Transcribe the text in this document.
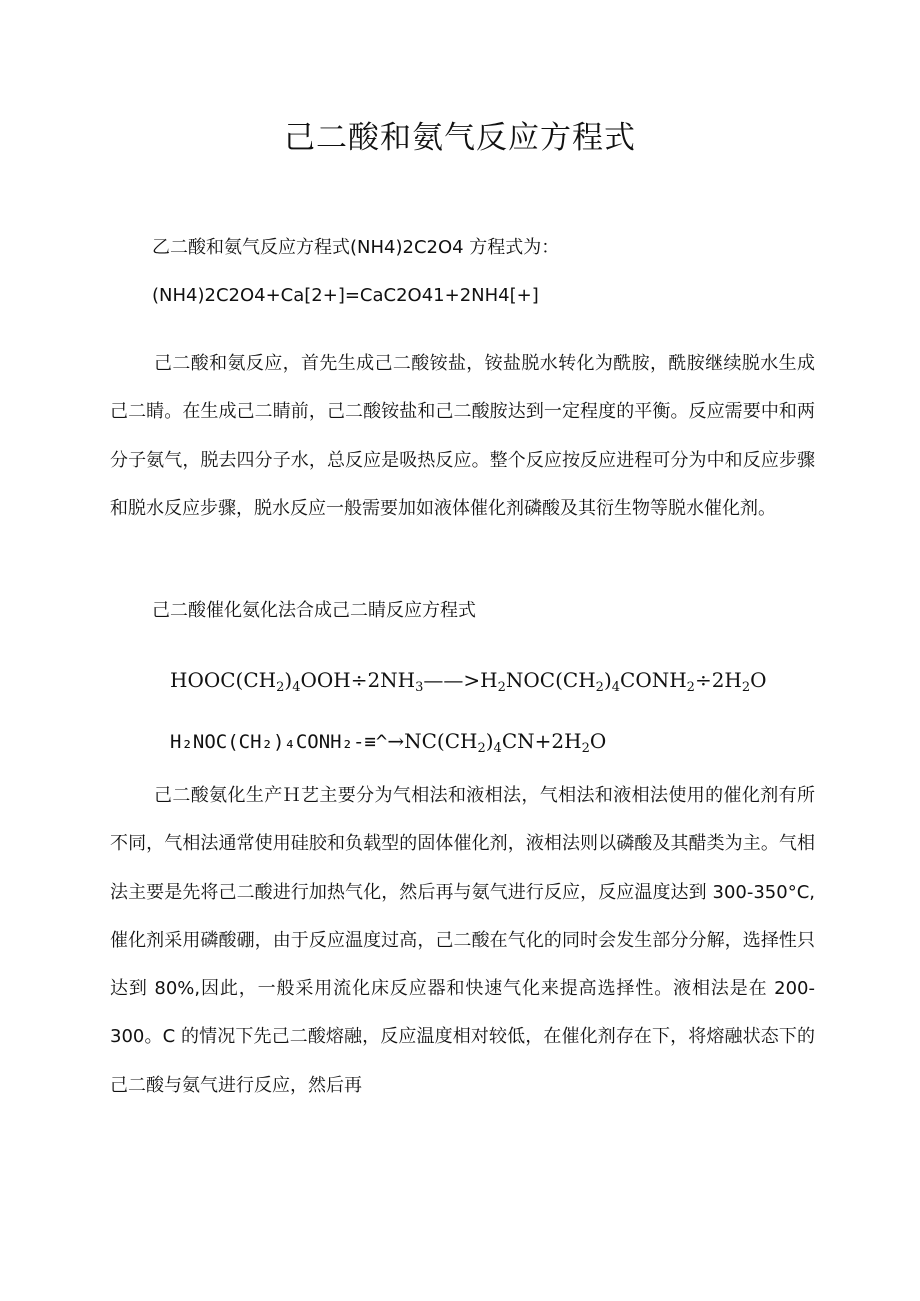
己二酸和氨气反应方程式
乙二酸和氨气反应方程式(NH4)2C2O4 方程式为：
(NH4)2C2O4+Ca[2+]=CaC2O41+2NH4[+]

己二酸和氨反应，首先生成己二酸铵盐，铵盐脱水转化为酰胺，酰胺继续脱水生成己二睛。在生成己二睛前，己二酸铵盐和己二酸胺达到一定程度的平衡。反应需要中和两分子氨气，脱去四分子水，总反应是吸热反应。整个反应按反应进程可分为中和反应步骤和脱水反应步骤，脱水反应一般需要加如液体催化剂磷酸及其衍生物等脱水催化剂。

己二酸催化氨化法合成己二睛反应方程式
$HOOC(CH_2)_4OOH\div 2NH_3——>H_2NOC(CH_2)_4CONH_2\div 2H_2O$
$H_2NOC(CH_2)_4CONH_2-\equiv\^{}\to NC(CH_2)_4CN+2H_2O$

己二酸氨化生产Ｈ艺主要分为气相法和液相法，气相法和液相法使用的催化剂有所不同，气相法通常使用硅胶和负载型的固体催化剂，液相法则以磷酸及其醋类为主。气相法主要是先将己二酸进行加热气化，然后再与氨气进行反应，反应温度达到 300-350°C,催化剂采用磷酸硼，由于反应温度过高，己二酸在气化的同时会发生部分分解，选择性只达到 80%,因此，一般采用流化床反应器和快速气化来提高选择性。液相法是在 200-300。C 的情况下先己二酸熔融，反应温度相对较低，在催化剂存在下，将熔融状态下的己二酸与氨气进行反应，然后再
